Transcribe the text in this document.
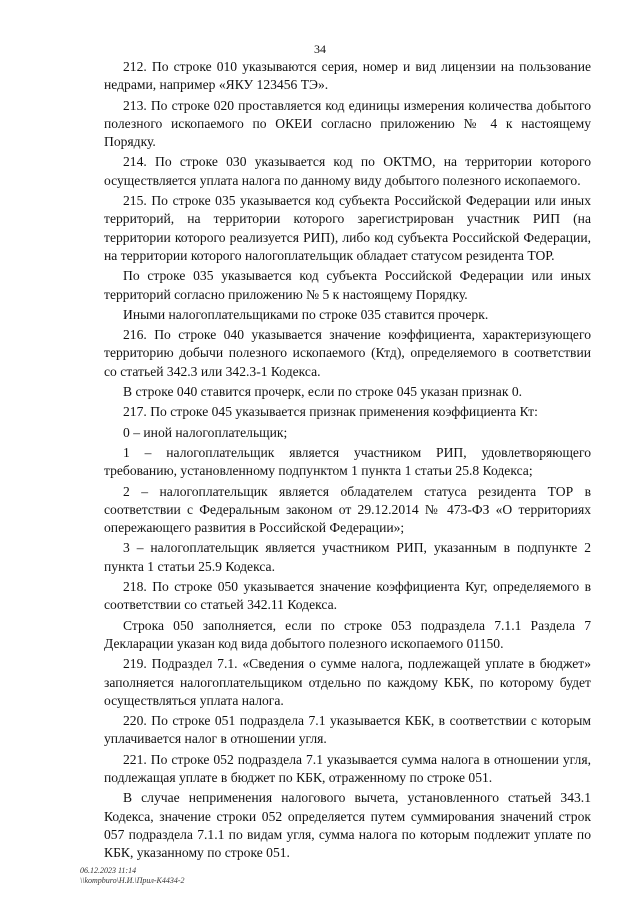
34

212. По строке 010 указываются серия, номер и вид лицензии на пользование недрами, например «ЯКУ 123456 ТЭ».

213. По строке 020 проставляется код единицы измерения количества добытого полезного ископаемого по ОКЕИ согласно приложению № 4 к настоящему Порядку.

214. По строке 030 указывается код по ОКТМО, на территории которого осуществляется уплата налога по данному виду добытого полезного ископаемого.

215. По строке 035 указывается код субъекта Российской Федерации или иных территорий, на территории которого зарегистрирован участник РИП (на территории которого реализуется РИП), либо код субъекта Российской Федерации, на территории которого налогоплательщик обладает статусом резидента ТОР.

По строке 035 указывается код субъекта Российской Федерации или иных территорий согласно приложению № 5 к настоящему Порядку.

Иными налогоплательщиками по строке 035 ставится прочерк.

216. По строке 040 указывается значение коэффициента, характеризующего территорию добычи полезного ископаемого (Ктд), определяемого в соответствии со статьей 342.3 или 342.3-1 Кодекса.

В строке 040 ставится прочерк, если по строке 045 указан признак 0.

217. По строке 045 указывается признак применения коэффициента Кт:

0 – иной налогоплательщик;

1 – налогоплательщик является участником РИП, удовлетворяющего требованию, установленному подпунктом 1 пункта 1 статьи 25.8 Кодекса;

2 – налогоплательщик является обладателем статуса резидента ТОР в соответствии с Федеральным законом от 29.12.2014 № 473-ФЗ «О территориях опережающего развития в Российской Федерации»;

3 – налогоплательщик является участником РИП, указанным в подпункте 2 пункта 1 статьи 25.9 Кодекса.

218. По строке 050 указывается значение коэффициента Куг, определяемого в соответствии со статьей 342.11 Кодекса.

Строка 050 заполняется, если по строке 053 подраздела 7.1.1 Раздела 7 Декларации указан код вида добытого полезного ископаемого 01150.

219. Подраздел 7.1. «Сведения о сумме налога, подлежащей уплате в бюджет» заполняется налогоплательщиком отдельно по каждому КБК, по которому будет осуществляться уплата налога.

220. По строке 051 подраздела 7.1 указывается КБК, в соответствии с которым уплачивается налог в отношении угля.

221. По строке 052 подраздела 7.1 указывается сумма налога в отношении угля, подлежащая уплате в бюджет по КБК, отраженному по строке 051.

В случае неприменения налогового вычета, установленного статьей 343.1 Кодекса, значение строки 052 определяется путем суммирования значений строк 057 подраздела 7.1.1 по видам угля, сумма налога по которым подлежит уплате по КБК, указанному по строке 051.

06.12.2023 11:14
\\kompburo\Н.И.\Прил-К4434-2
